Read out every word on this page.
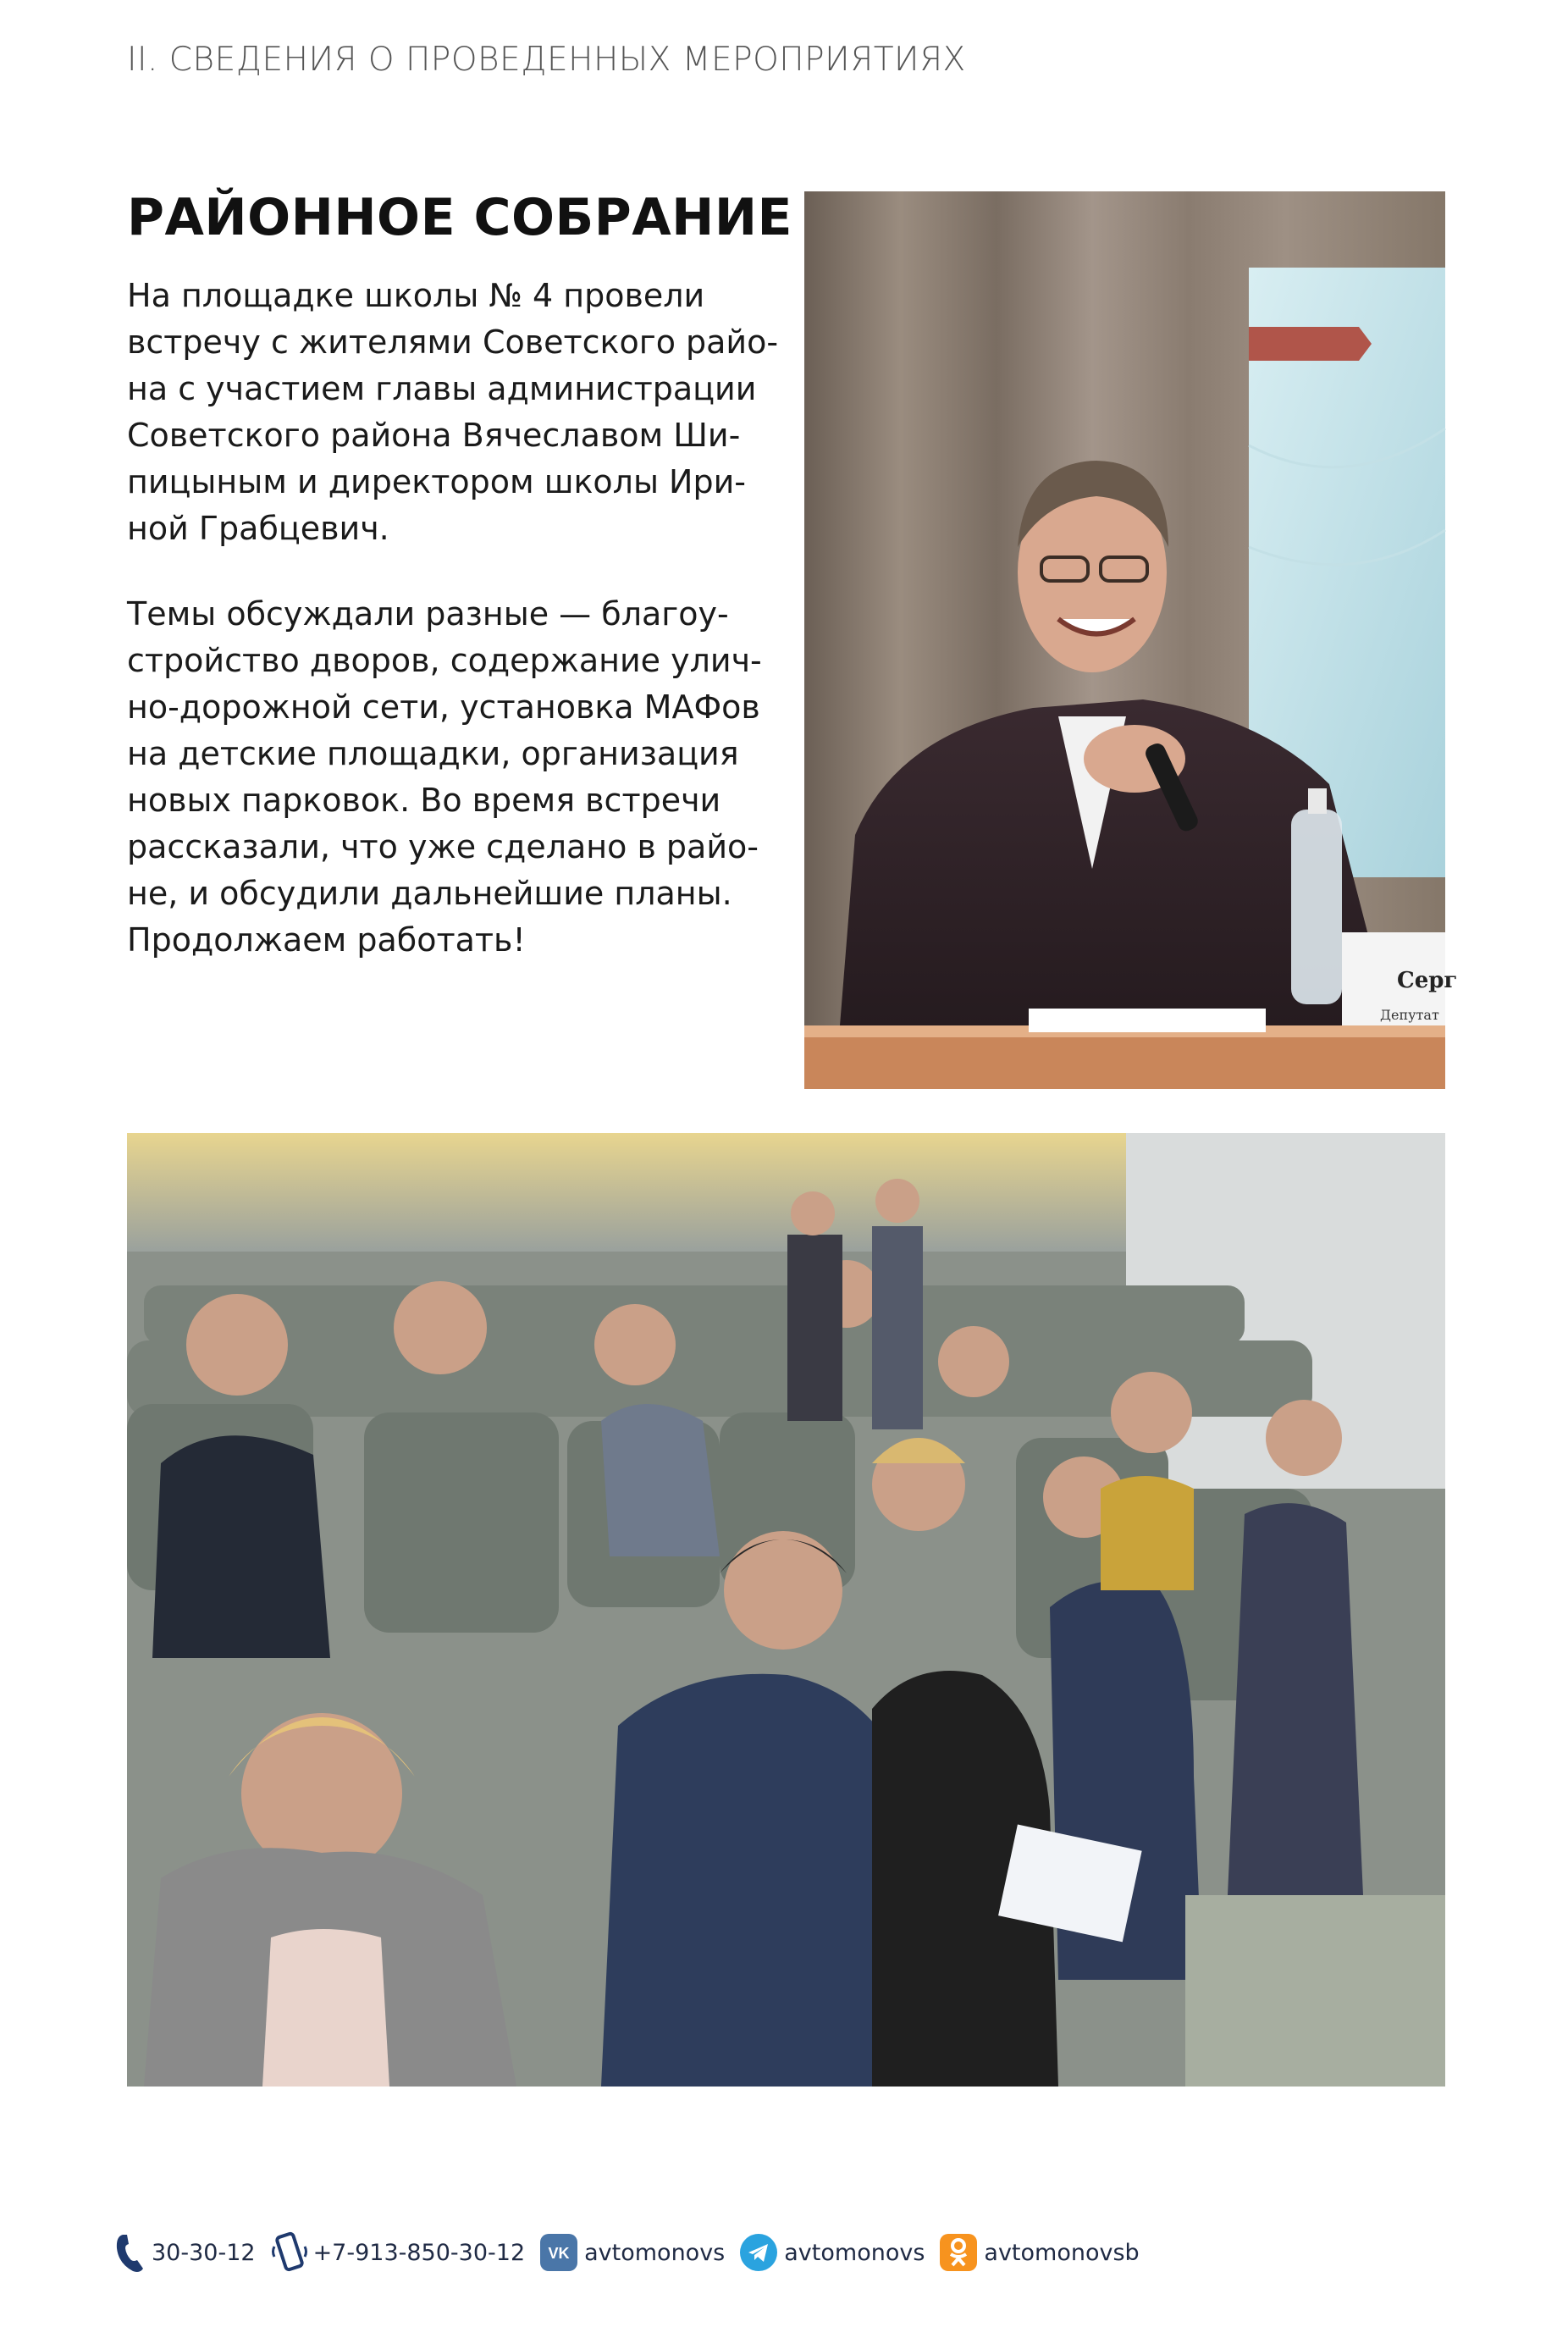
II. СВЕДЕНИЯ О ПРОВЕДЕННЫХ МЕРОПРИЯТИЯХ
РАЙОННОЕ СОБРАНИЕ

На площадке школы № 4 провели
встречу с жителями Советского райо-
на с участием главы администрации
Советского района Вячеславом Ши-
пицыным и директором школы Ири-
ной Грабцевич.

Темы обсуждали разные — благоу-
стройство дворов, содержание улич-
но-дорожной сети, установка МАФов
на детские площадки, организация
новых парковок. Во время встречи
рассказали, что уже сделано в райо-
не, и обсудили дальнейшие планы.
Продолжаем работать!

Серг
Депутат
30-30-12	+7-913-850-30-12 VK avtomonovs	avtomonovs	avtomonovsb
